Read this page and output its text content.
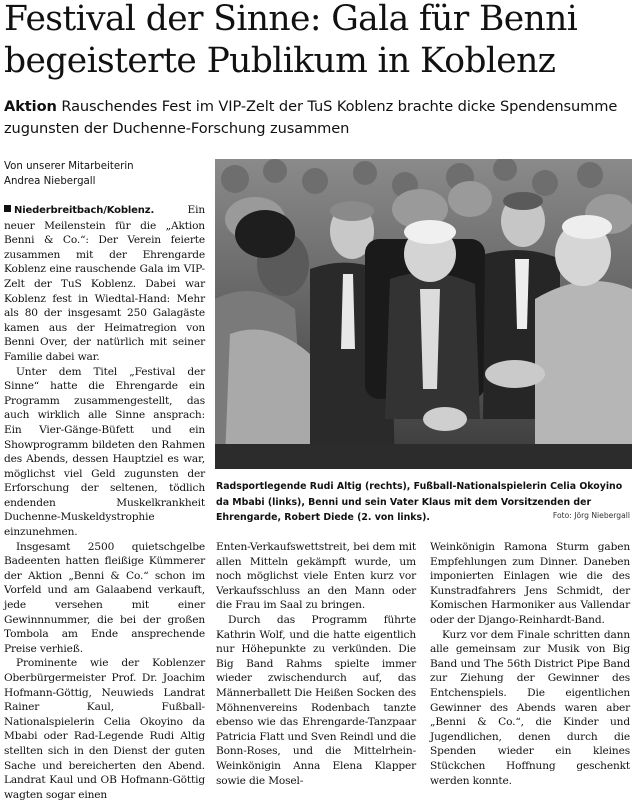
Festival der Sinne: Gala für Benni begeisterte Publikum in Koblenz
Aktion Rauschendes Fest im VIP-Zelt der TuS Koblenz brachte dicke Spendensumme zugunsten der Duchenne-Forschung zusammen
Von unserer Mitarbeiterin
Andrea Niebergall

Niederbreitbach/Koblenz.	Ein neuer Meilenstein für die „Aktion Benni & Co.“: Der Verein feierte zusammen mit der Ehrengarde Koblenz eine rauschende Gala im VIP-Zelt der TuS Koblenz. Dabei war Koblenz fest in Wiedtal-Hand: Mehr als 80 der insgesamt 250 Galagäste kamen aus der Heimatregion von Benni Over, der natürlich mit seiner Familie dabei war.

Unter dem Titel „Festival der Sinne“ hatte die Ehrengarde ein Programm zusammengestellt, das auch wirklich alle Sinne ansprach: Ein Vier-Gänge-Büfett und ein Showprogramm bildeten den Rahmen des Abends, dessen Hauptziel es war, möglichst viel Geld zugunsten der Erforschung der seltenen, tödlich endenden Muskelkrankheit Duchenne-Muskeldystrophie einzunehmen.

Insgesamt 2500 quietschgelbe Badeenten hatten fleißige Kümmerer der Aktion „Benni & Co.“ schon im Vorfeld und am Galaabend verkauft, jede versehen mit einer Gewinnnummer, die bei der großen Tombola am Ende ansprechende Preise verhieß.

Prominente wie der Koblenzer Oberbürgermeister Prof. Dr. Joachim Hofmann-Göttig, Neuwieds Landrat Rainer Kaul, Fußball-Nationalspielerin Celia Okoyino da Mbabi oder Rad-Legende Rudi Altig stellten sich in den Dienst der guten Sache und bereicherten den Abend. Landrat Kaul und OB Hofmann-Göttig wagten sogar einen

Radsportlegende Rudi Altig (rechts), Fußball-Nationalspielerin Celia Okoyino da Mbabi (links), Benni und sein Vater Klaus mit dem Vorsitzenden der Ehrengarde, Robert Diede (2. von links).	Foto: Jörg Niebergall

Enten-Verkaufswettstreit, bei dem mit allen Mitteln gekämpft wurde, um noch möglichst viele Enten kurz vor Verkaufsschluss an den Mann oder die Frau im Saal zu bringen.

Durch das Programm führte Kathrin Wolf, und die hatte eigentlich nur Höhepunkte zu verkünden. Die Big Band Rahms spielte immer wieder zwischendurch auf, das Männerballett Die Heißen Socken des Möhnenvereins Rodenbach tanzte ebenso wie das Ehrengarde-Tanzpaar Patricia Flatt und Sven Reindl und die Bonn-Roses, und die Mittelrhein-Weinkönigin Anna Elena Klapper sowie die Mosel-

Weinkönigin Ramona Sturm gaben Empfehlungen zum Dinner. Daneben imponierten Einlagen wie die des Kunstradfahrers Jens Schmidt, der Komischen Harmoniker aus Vallendar oder der Django-Reinhardt-Band.

Kurz vor dem Finale schritten dann alle gemeinsam zur Musik von Big Band und The 56th District Pipe Band zur Ziehung der Gewinner des Entchenspiels. Die eigentlichen Gewinner des Abends waren aber „Benni & Co.“, die Kinder und Jugendlichen, denen durch die Spenden wieder ein kleines Stückchen Hoffnung geschenkt werden konnte.
